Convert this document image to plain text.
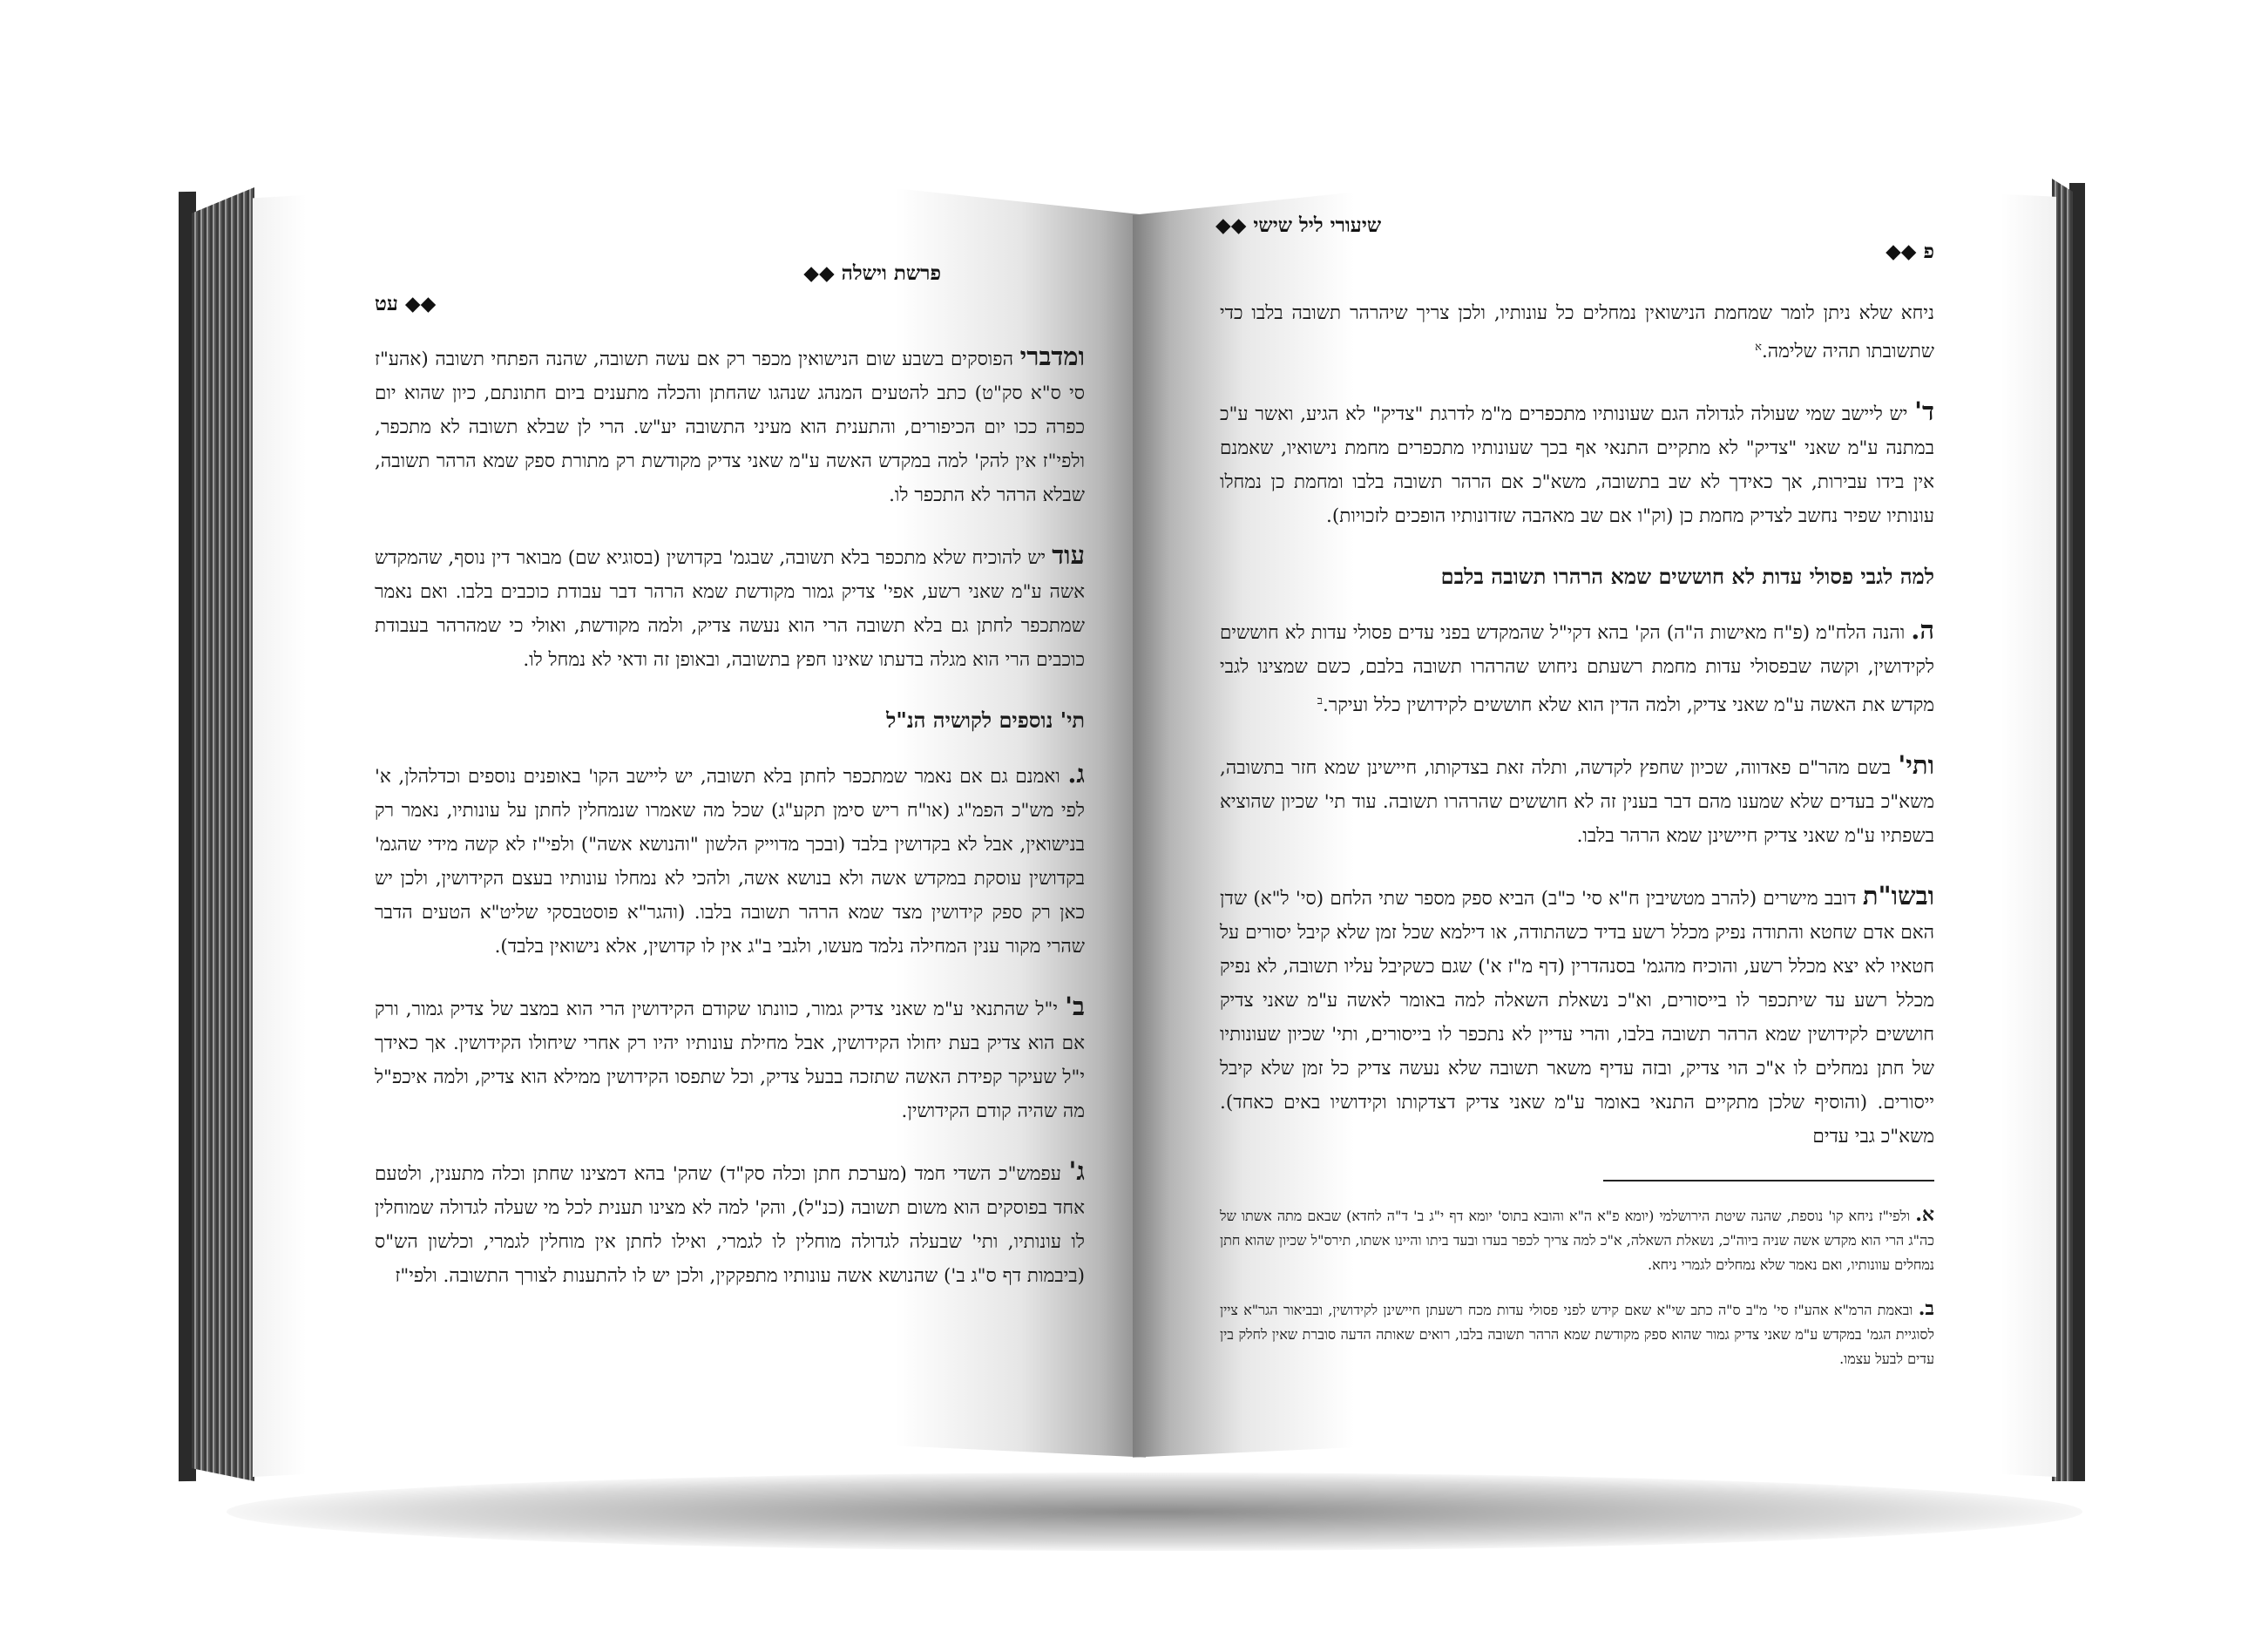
פרשת וישלה ◆◆
עט ◆◆

ומדברי הפוסקים בשבע שום הנישואין מכפר רק אם עשה תשובה, שהנה הפתחי תשובה (אהע"ז סי ס"א סק"ט) כתב להטעים המנהג שנהגו שהחתן והכלה מתענים ביום חתונתם, כיון שהוא יום כפרה ככו יום הכיפורים, והתענית הוא מעיני התשובה יע"ש. הרי לן שבלא תשובה לא מתכפר, ולפי"ז אין להק' למה במקדש האשה ע"מ שאני צדיק מקודשת רק מתורת ספק שמא הרהר תשובה, שבלא הרהר לא התכפר לו.

עוד יש להוכיח שלא מתכפר בלא תשובה, שבגמ' בקדושין (בסוגיא שם) מבואר דין נוסף, שהמקדש אשה ע"מ שאני רשע, אפי' צדיק גמור מקודשת שמא הרהר דבר עבודת כוכבים בלבו. ואם נאמר שמתכפר לחתן גם בלא תשובה הרי הוא נעשה צדיק, ולמה מקודשת, ואולי כי שמהרהר בעבודת כוכבים הרי הוא מגלה בדעתו שאינו חפץ בתשובה, ובאופן זה ודאי לא נמחל לו.

תי' נוספים לקושיה הנ"ל

ג. ואמנם גם אם נאמר שמתכפר לחתן בלא תשובה, יש ליישב הקו' באופנים נוספים וכדלהלן, א' לפי מש"כ הפמ"ג (או"ח ריש סימן תקע"ג) שכל מה שאמרו שנמחלין לחתן על עונותיו, נאמר רק בנישואין, אבל לא בקדושין בלבד (ובכך מדוייק הלשון "והנושא אשה") ולפי"ז לא קשה מידי שהגמ' בקדושין עוסקת במקדש אשה ולא בנושא אשה, ולהכי לא נמחלו עונותיו בעצם הקידושין, ולכן יש כאן רק ספק קידושין מצד שמא הרהר תשובה בלבו. (והגר"א פוסטבסקי שליט"א הטעים הדבר שהרי מקור ענין המחילה נלמד מעשו, ולגבי ב"ג אין לו קדושין, אלא נישואין בלבד).

ב' י"ל שהתנאי ע"מ שאני צדיק גמור, כוונתו שקודם הקידושין הרי הוא במצב של צדיק גמור, ורק אם הוא צדיק בעת יחולו הקידושין, אבל מחילת עונותיו יהיו רק אחרי שיחולו הקידושין. אך כאידך י"ל שעיקר קפידת האשה שתזכה בבעל צדיק, וכל שתפסו הקידושין ממילא הוא צדיק, ולמה איכפ"ל מה שהיה קודם הקידושין.

ג' עפמש"כ השדי חמד (מערכת חתן וכלה סק"ד) שהק' בהא דמצינו שחתן וכלה מתענין, ולטעם אחד בפוסקים הוא משום תשובה (כנ"ל), והק' למה לא מצינו תענית לכל מי שעלה לגדולה שמוחלין לו עונותיו, ותי' שבעלה לגדולה מוחלין לו לגמרי, ואילו לחתן אין מוחלין לגמרי, וכלשון הש"ס (ביבמות דף ס"ג ב') שהנושא אשה עונותיו מתפקקין, ולכן יש לו להתענות לצורך התשובה. ולפי"ז

◆◆ שיעורי ליל שישי
פ ◆◆

ניחא שלא ניתן לומר שמחמת הנישואין נמחלים כל עונותיו, ולכן צריך שיהרהר תשובה בלבו כדי שתשובתו תהיה שלימה.$^א$

ד' יש ליישב שמי שעולה לגדולה הגם שעונותיו מתכפרים מ"מ לדרגת "צדיק" לא הגיע, ואשר ע"כ במתנה ע"מ שאני "צדיק" לא מתקיים התנאי אף בכך שעונותיו מתכפרים מחמת נישואיו, שאמנם אין בידו עבירות, אך כאידך לא שב בתשובה, משא"כ אם הרהר תשובה בלבו ומחמת כן נמחלו עונותיו שפיר נחשב לצדיק מחמת כן (וק"ו אם שב מאהבה שזדונותיו הופכים לזכויות).

למה לגבי פסולי עדות לא חוששים שמא הרהרו תשובה בלבם

ה. והנה הלח"מ (פ"ח מאישות ה"ה) הק' בהא דקי"ל שהמקדש בפני עדים פסולי עדות לא חוששים לקידושין, וקשה שבפסולי עדות מחמת רשעתם ניחוש שהרהרו תשובה בלבם, כשם שמצינו לגבי מקדש את האשה ע"מ שאני צדיק, ולמה הדין הוא שלא חוששים לקידושין כלל ועיקר.$^ב$

ותי' בשם מהר"ם פאדווה, שכיון שחפץ לקדשה, ותלה זאת בצדקותו, חיישינן שמא חזר בתשובה, משא"כ בעדים שלא שמענו מהם דבר בענין זה לא חוששים שהרהרו תשובה. עוד תי' שכיון שהוציא בשפתיו ע"מ שאני צדיק חיישינן שמא הרהר בלבו.

ובשו"ת דובב מישרים (להרב מטשיבין ח"א סי' כ"ב) הביא ספק מספר שתי הלחם (סי' ל"א) שדן האם אדם שחטא והתודה נפיק מכלל רשע בדיד כשהתודה, או דילמא שכל זמן שלא קיבל יסורים על חטאיו לא יצא מכלל רשע, והוכיח מהגמ' בסנהדרין (דף מ"ז א') שגם כשקיבל עליו תשובה, לא נפיק מכלל רשע עד שיתכפר לו בייסורים, וא"כ נשאלת השאלה למה באומר לאשה ע"מ שאני צדיק חוששים לקידושין שמא הרהר תשובה בלבו, והרי עדיין לא נתכפר לו בייסורים, ותי' שכיון שעונותיו של חתן נמחלים לו א"כ הוי צדיק, ובזה עדיף משאר תשובה שלא נעשה צדיק כל זמן שלא קיבל ייסורים. (והוסיף שלכן מתקיים התנאי באומר ע"מ שאני צדיק דצדקותו וקידושיו באים כאחד). משא"כ גבי עדים

א. ולפי"ז ניחא קו' נוספת, שהנה שיטת הירושלמי (יומא פ"א ה"א והובא בתוס' יומא דף י"ג ב' ד"ה לחדא) שבאם מתה אשתו של כה"ג הרי הוא מקדש אשה שניה ביוה"כ, נשאלת השאלה, א"כ למה צריך לכפר בעדו ובעד ביתו והיינו אשתו, תירס"ל שכיון שהוא חתן נמחלים עוונותיו, ואם נאמר שלא נמחלים לגמרי ניחא.

ב. ובאמת הרמ"א אהע"ז סי' מ"ב ס"ה כתב שי"א שאם קידש לפני פסולי עדות מכח רשעתן חיישינן לקידושין, ובביאור הגר"א ציין לסוגיית הגמ' במקדש ע"מ שאני צדיק גמור שהוא ספק מקודשת שמא הרהר תשובה בלבו, רואים שאותה הדעה סוברת שאין לחלק בין עדים לבעל עצמו.
